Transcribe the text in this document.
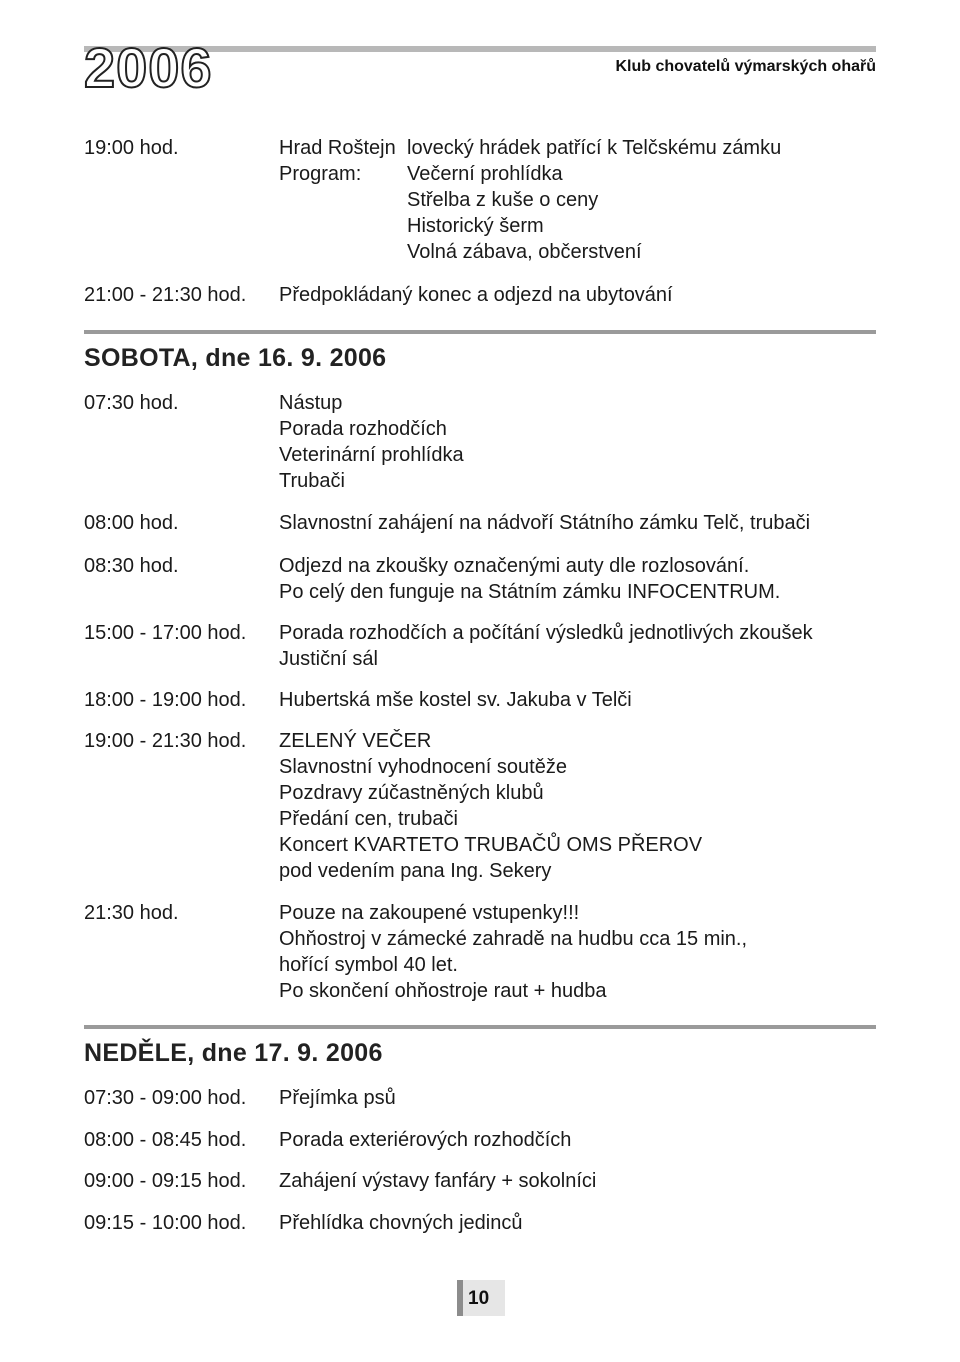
2006	Klub chovatelů výmarských ohařů
19:00 hod.	Hrad Roštejn lovecký hrádek patřící k Telčskému zámku
Program: Večerní prohlídka
Střelba z kuše o ceny
Historický šerm
Volná zábava, občerstvení
21:00 - 21:30 hod. Předpokládaný konec a odjezd na ubytování
SOBOTA, dne 16. 9. 2006
07:30 hod.	Nástup
Porada rozhodčích
Veterinární prohlídka
Trubači
08:00 hod.	Slavnostní zahájení na nádvoří Státního zámku Telč, trubači
08:30 hod.	Odjezd na zkoušky označenými auty dle rozlosování.
Po celý den funguje na Státním zámku INFOCENTRUM.
15:00 - 17:00 hod. Porada rozhodčích a počítání výsledků jednotlivých zkoušek
Justiční sál
18:00 - 19:00 hod. Hubertská mše kostel sv. Jakuba v Telči
19:00 - 21:30 hod. ZELENÝ VEČER
Slavnostní vyhodnocení soutěže
Pozdravy zúčastněných klubů
Předání cen, trubači
Koncert KVARTETO TRUBAČŮ OMS PŘEROV
pod vedením pana Ing. Sekery
21:30 hod.	Pouze na zakoupené vstupenky!!!
Ohňostroj v zámecké zahradě na hudbu cca 15 min.,
hořící symbol 40 let.
Po skončení ohňostroje raut + hudba
NEDĚLE, dne 17. 9. 2006
07:30 - 09:00 hod. Přejímka psů
08:00 - 08:45 hod. Porada exteriérových rozhodčích
09:00 - 09:15 hod. Zahájení výstavy fanfáry + sokolníci
09:15 - 10:00 hod. Přehlídka chovných jedinců
10
